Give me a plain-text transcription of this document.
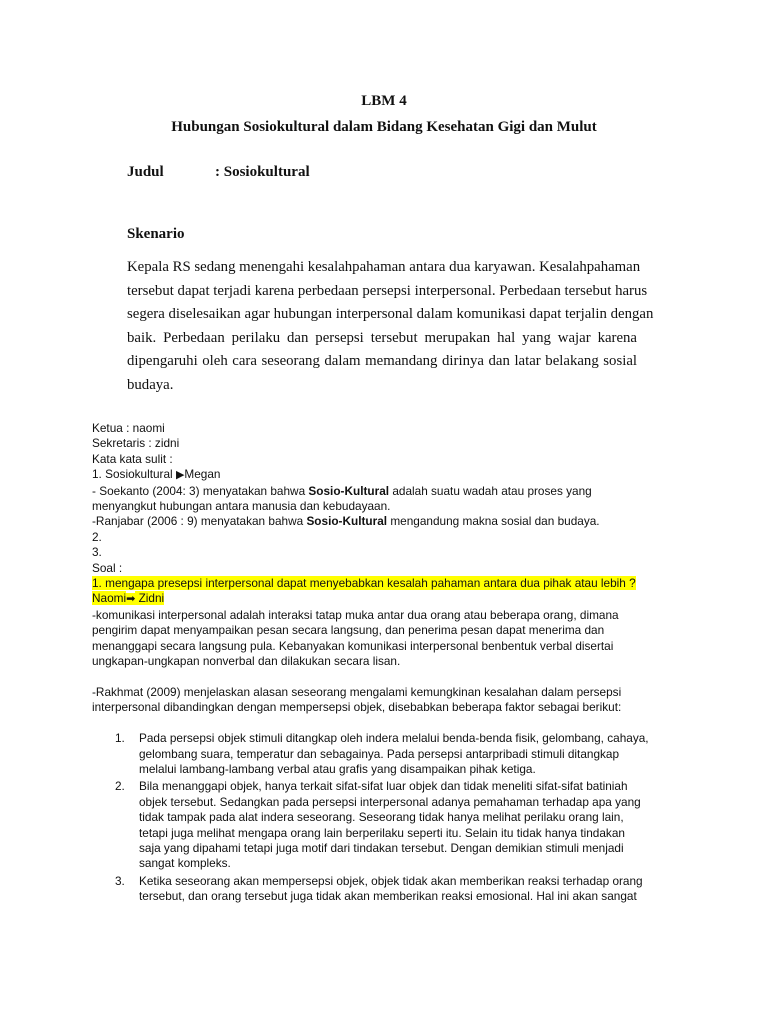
LBM 4
Hubungan Sosiokultural dalam Bidang Kesehatan Gigi dan Mulut
Judul	: Sosiokultural
Skenario
Kepala RS sedang menengahi kesalahpahaman antara dua karyawan. Kesalahpahaman
tersebut dapat terjadi karena perbedaan persepsi interpersonal. Perbedaan tersebut harus
segera diselesaikan agar hubungan interpersonal dalam komunikasi dapat terjalin dengan
baik. Perbedaan perilaku dan persepsi tersebut merupakan hal yang wajar karena
dipengaruhi oleh cara seseorang dalam memandang dirinya dan latar belakang sosial
budaya.
Ketua : naomi
Sekretaris : zidni
Kata kata sulit :
1. Sosiokultural ▶Megan
- Soekanto (2004: 3) menyatakan bahwa Sosio-Kultural adalah suatu wadah atau proses yang
menyangkut hubungan antara manusia dan kebudayaan.
-Ranjabar (2006 : 9) menyatakan bahwa Sosio-Kultural mengandung makna sosial dan budaya.
2.
3.
Soal :
1. mengapa presepsi interpersonal dapat menyebabkan kesalah pahaman antara dua pihak atau lebih ?
Naomi➡ Zidni
-komunikasi interpersonal adalah interaksi tatap muka antar dua orang atau beberapa orang, dimana
pengirim dapat menyampaikan pesan secara langsung, dan penerima pesan dapat menerima dan
menanggapi secara langsung pula. Kebanyakan komunikasi interpersonal benbentuk verbal disertai
ungkapan-ungkapan nonverbal dan dilakukan secara lisan.
-Rakhmat (2009) menjelaskan alasan seseorang mengalami kemungkinan kesalahan dalam persepsi
interpersonal dibandingkan dengan mempersepsi objek, disebabkan beberapa faktor sebagai berikut:
1. Pada persepsi objek stimuli ditangkap oleh indera melalui benda-benda fisik, gelombang, cahaya,
gelombang suara, temperatur dan sebagainya. Pada persepsi antarpribadi stimuli ditangkap
melalui lambang-lambang verbal atau grafis yang disampaikan pihak ketiga.
2. Bila menanggapi objek, hanya terkait sifat-sifat luar objek dan tidak meneliti sifat-sifat batiniah
objek tersebut. Sedangkan pada persepsi interpersonal adanya pemahaman terhadap apa yang
tidak tampak pada alat indera seseorang. Seseorang tidak hanya melihat perilaku orang lain,
tetapi juga melihat mengapa orang lain berperilaku seperti itu. Selain itu tidak hanya tindakan
saja yang dipahami tetapi juga motif dari tindakan tersebut. Dengan demikian stimuli menjadi
sangat kompleks.
3. Ketika seseorang akan mempersepsi objek, objek tidak akan memberikan reaksi terhadap orang
tersebut, dan orang tersebut juga tidak akan memberikan reaksi emosional. Hal ini akan sangat
